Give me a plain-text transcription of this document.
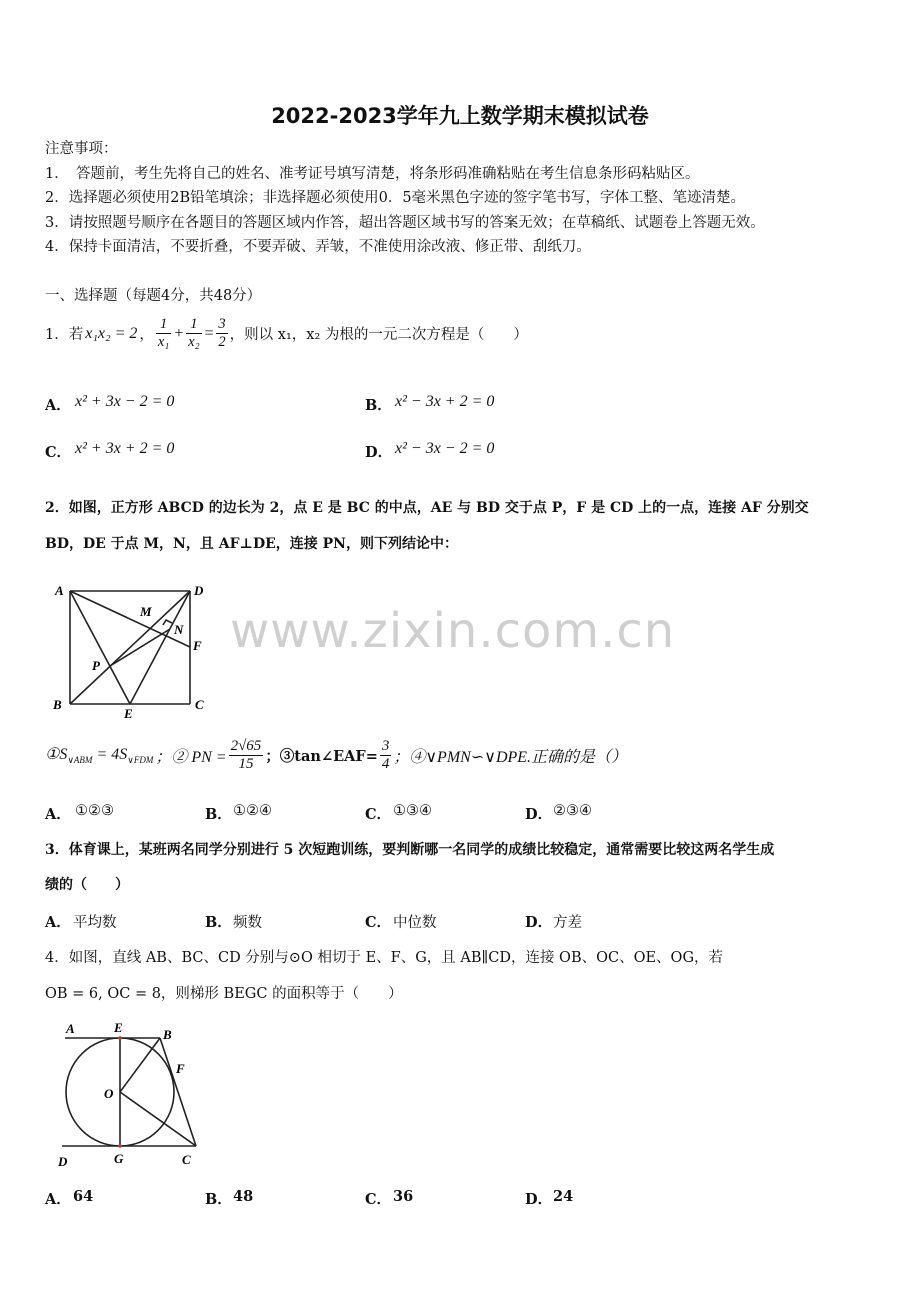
2022-2023学年九上数学期末模拟试卷
注意事项：
1．　答题前，考生先将自己的姓名、准考证号填写清楚，将条形码准确粘贴在考生信息条形码粘贴区。
2．选择题必须使用2B铅笔填涂；非选择题必须使用0．5毫米黑色字迹的签字笔书写，字体工整、笔迹清楚。
3．请按照题号顺序在各题目的答题区域内作答，超出答题区域书写的答案无效；在草稿纸、试题卷上答题无效。
4．保持卡面清洁，不要折叠，不要弄破、弄皱，不准使用涂改液、修正带、刮纸刀。
一、选择题（每题4分，共48分）
1．若 x₁x₂ = 2 ， $\frac{1}{\text{x₁}} + \frac{1}{\text{x₂}} = \frac{3}{2}$ ，则以 x₁，x₂ 为根的一元二次方程是（　　）
A． x² + 3x − 2 = 0	B． x² − 3x + 2 = 0
C． x² + 3x + 2 = 0	D． x² − 3x − 2 = 0
2．如图，正方形 ABCD 的边长为 2，点 E 是 BC 的中点，AE 与 BD 交于点 P，F 是 CD 上的一点，连接 AF 分别交
BD，DE 于点 M，N，且 AF⊥DE，连接 PN，则下列结论中：
A	D
B	C
E
F
M
N
P
$①S_{\vee ABM} = 4S_{\vee FDM}$ ；② PN = $\frac{2√65}{15}$ ；③tan∠EAF= $\frac{3}{4}$ ；④∨PMN∽∨DPE.正确的是（）
A． ①②③	B． ①②④	C． ①③④	D． ②③④
3．体育课上，某班两名同学分别进行 5 次短跑训练，要判断哪一名同学的成绩比较稳定，通常需要比较这两名学生成
绩的（　　）
A． 平均数	B． 频数	C． 中位数	D． 方差
4．如图，直线 AB、BC、CD 分别与⊙O 相切于 E、F、G，且 AB∥CD，连接 OB、OC、OE、OG，若
OB = 6, OC = 8，则梯形 BEGC 的面积等于（　　）
A	E	B
F
O
D	G	C
A． 64	B． 48	C． 36	D． 24
www.zixin.com.cn
